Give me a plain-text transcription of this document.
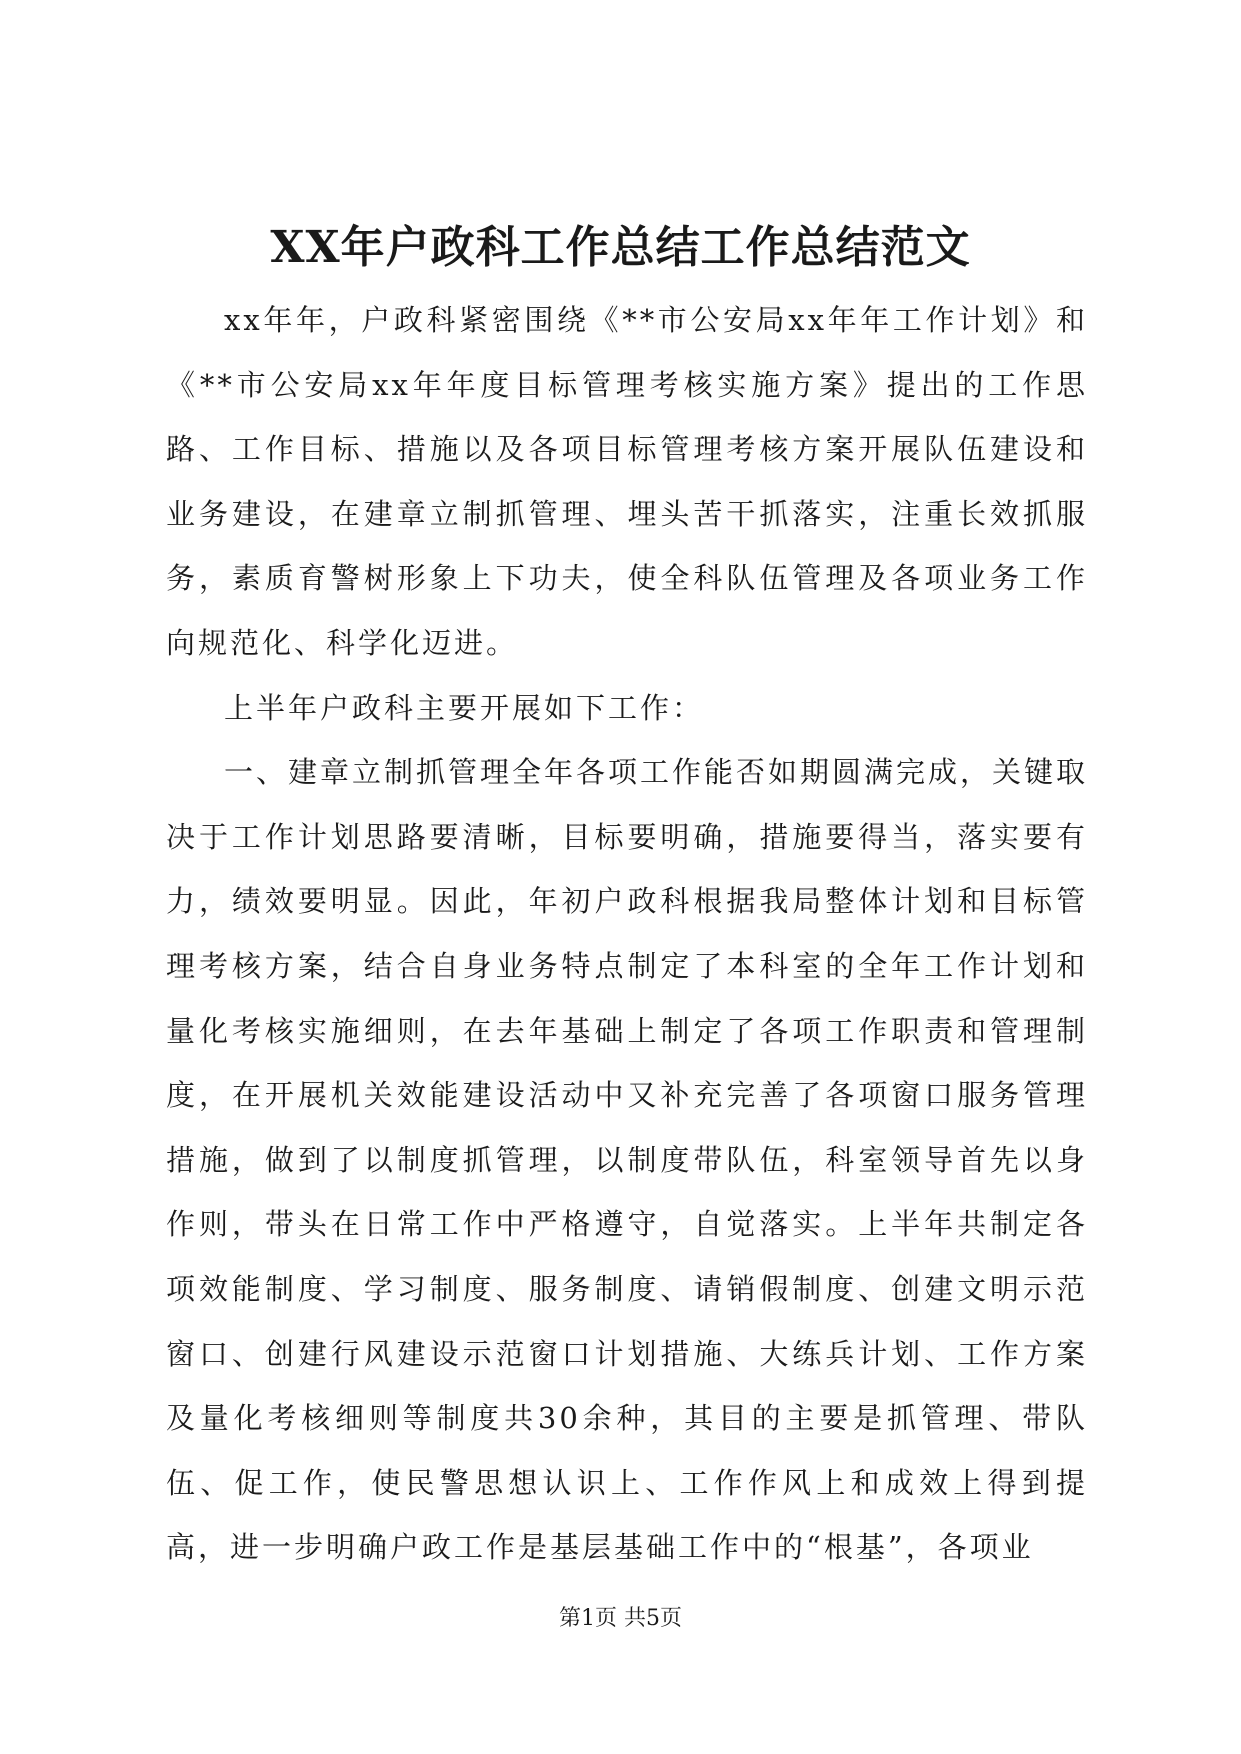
XX年户政科工作总结工作总结范文

xx年年，户政科紧密围绕《**市公安局xx年年工作计划》和《**市公安局xx年年度目标管理考核实施方案》提出的工作思路、工作目标、措施以及各项目标管理考核方案开展队伍建设和业务建设，在建章立制抓管理、埋头苦干抓落实，注重长效抓服务，素质育警树形象上下功夫，使全科队伍管理及各项业务工作向规范化、科学化迈进。

上半年户政科主要开展如下工作：

一、建章立制抓管理全年各项工作能否如期圆满完成，关键取决于工作计划思路要清晰，目标要明确，措施要得当，落实要有力，绩效要明显。因此，年初户政科根据我局整体计划和目标管理考核方案，结合自身业务特点制定了本科室的全年工作计划和量化考核实施细则，在去年基础上制定了各项工作职责和管理制度，在开展机关效能建设活动中又补充完善了各项窗口服务管理措施，做到了以制度抓管理，以制度带队伍，科室领导首先以身作则，带头在日常工作中严格遵守，自觉落实。上半年共制定各项效能制度、学习制度、服务制度、请销假制度、创建文明示范窗口、创建行风建设示范窗口计划措施、大练兵计划、工作方案及量化考核细则等制度共30余种，其目的主要是抓管理、带队伍、促工作，使民警思想认识上、工作作风上和成效上得到提高，进一步明确户政工作是基层基础工作中的“根基”，各项业

第1页 共5页
